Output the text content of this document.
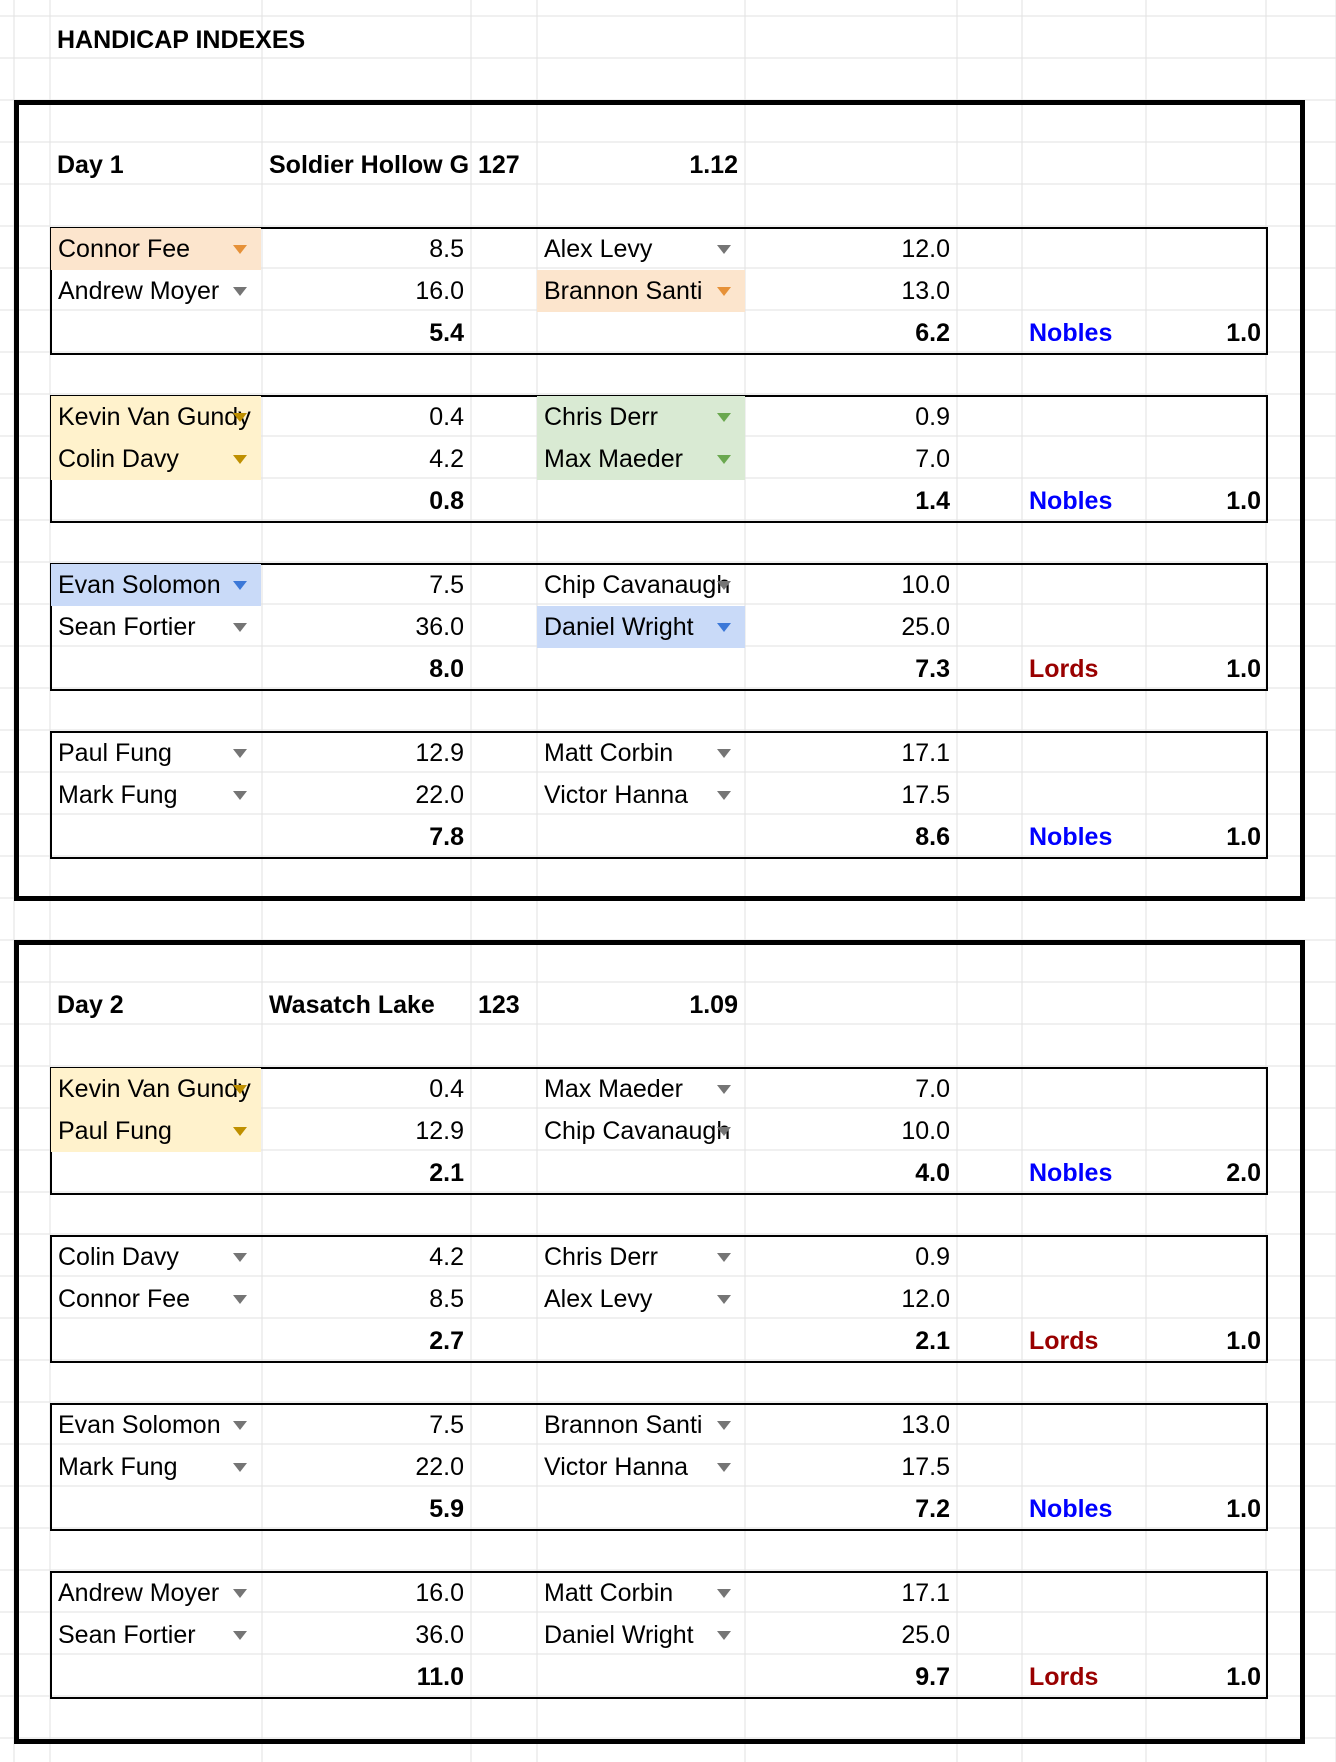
HANDICAP INDEXES
Day 1	Soldier Hollow G 127	1.12
Connor Fee	8.5	Alex Levy	12.0
Andrew Moyer	16.0	Brannon Santi	13.0
5.4	6.2	Nobles	1.0
Kevin Van Gundy	0.4	Chris Derr	0.9
Colin Davy	4.2	Max Maeder	7.0
0.8	1.4	Nobles	1.0
Evan Solomon	7.5	Chip Cavanaugh	10.0
Sean Fortier	36.0	Daniel Wright	25.0
8.0	7.3	Lords	1.0
Paul Fung	12.9	Matt Corbin	17.1
Mark Fung	22.0	Victor Hanna	17.5
7.8	8.6	Nobles	1.0
Day 2	Wasatch Lake	123	1.09
Kevin Van Gundy	0.4	Max Maeder	7.0
Paul Fung	12.9	Chip Cavanaugh	10.0
2.1	4.0	Nobles	2.0
Colin Davy	4.2	Chris Derr	0.9
Connor Fee	8.5	Alex Levy	12.0
2.7	2.1	Lords	1.0
Evan Solomon	7.5	Brannon Santi	13.0
Mark Fung	22.0	Victor Hanna	17.5
5.9	7.2	Nobles	1.0
Andrew Moyer	16.0	Matt Corbin	17.1
Sean Fortier	36.0	Daniel Wright	25.0
11.0	9.7	Lords	1.0
